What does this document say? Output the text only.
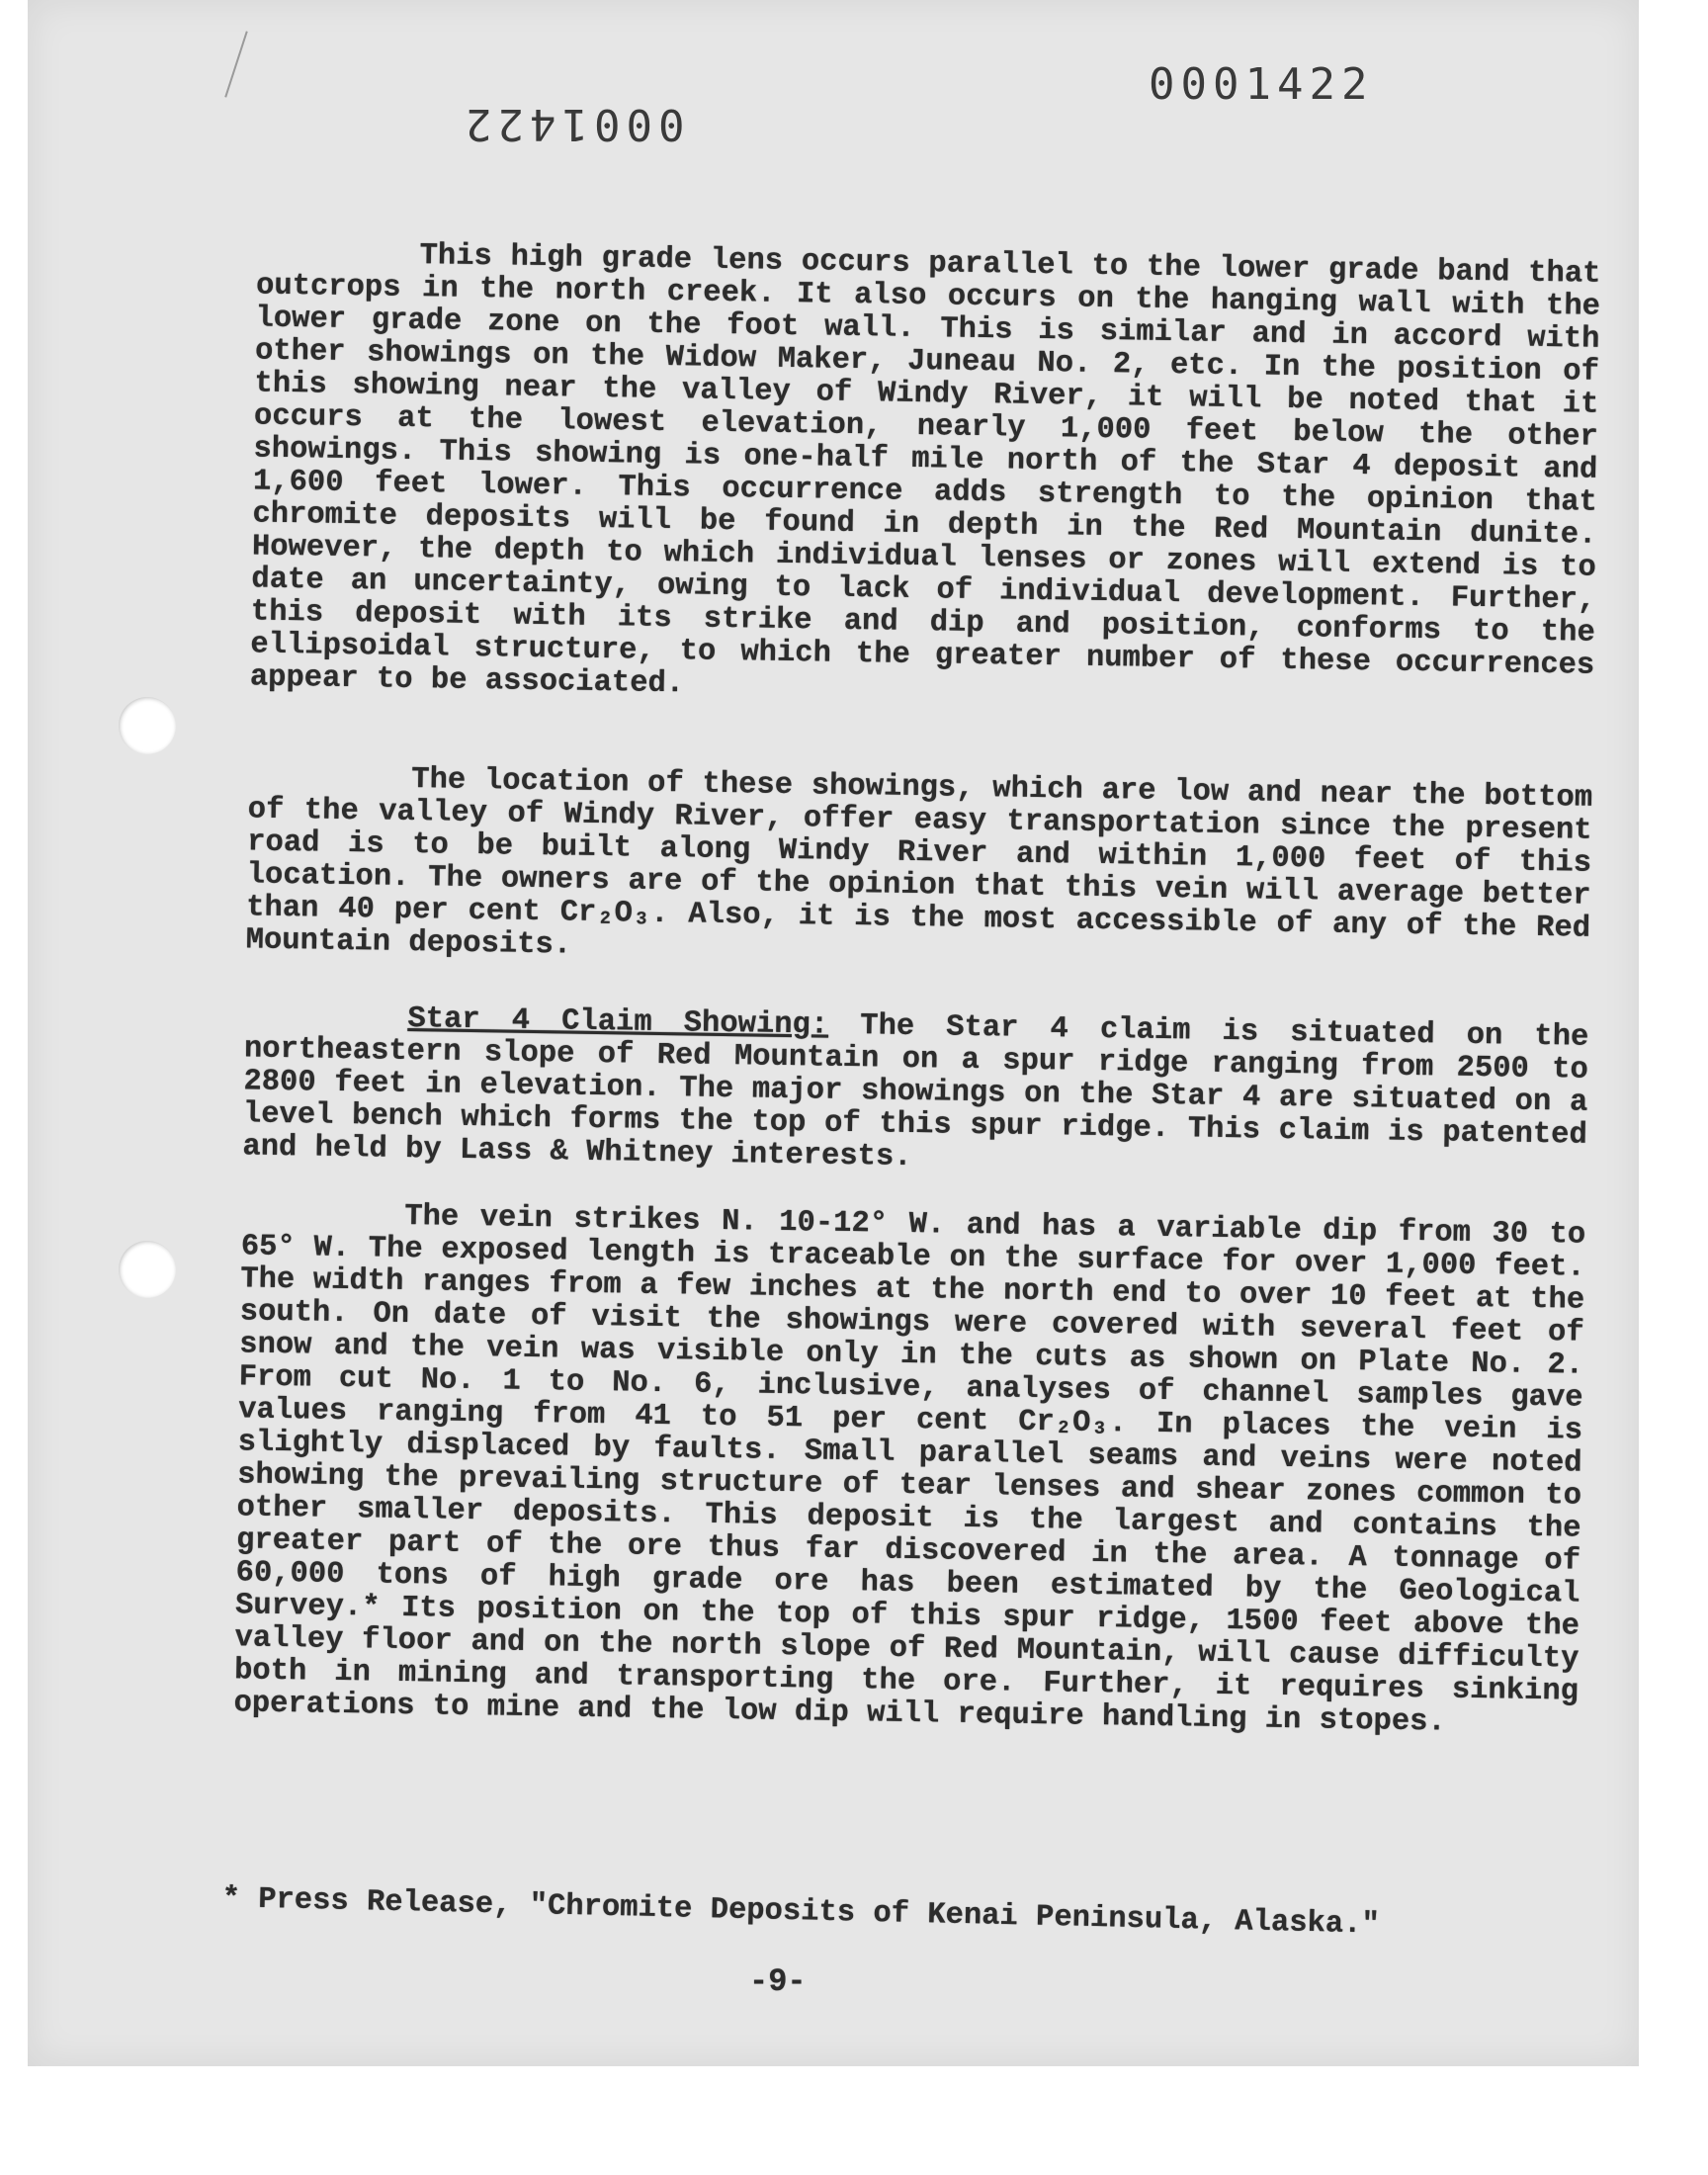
0001422
0001422

This high grade lens occurs parallel to the lower grade band that outcrops in the north creek. It also occurs on the hanging wall with the lower grade zone on the foot wall. This is similar and in accord with other showings on the Widow Maker, Juneau No. 2, etc. In the position of this showing near the valley of Windy River, it will be noted that it occurs at the lowest elevation, nearly 1,000 feet below the other showings. This showing is one-half mile north of the Star 4 deposit and 1,600 feet lower. This occurrence adds strength to the opinion that chromite deposits will be found in depth in the Red Mountain dunite. However, the depth to which individual lenses or zones will extend is to date an uncertainty, owing to lack of individual development. Further, this deposit with its strike and dip and position, conforms to the ellipsoidal structure, to which the greater number of these occurrences appear to be associated.

The location of these showings, which are low and near the bottom of the valley of Windy River, offer easy transportation since the present road is to be built along Windy River and within 1,000 feet of this location. The owners are of the opinion that this vein will average better than 40 per cent Cr₂O₃. Also, it is the most accessible of any of the Red Mountain deposits.

Star 4 Claim Showing: The Star 4 claim is situated on the northeastern slope of Red Mountain on a spur ridge ranging from 2500 to 2800 feet in elevation. The major showings on the Star 4 are situated on a level bench which forms the top of this spur ridge. This claim is patented and held by Lass & Whitney interests.

The vein strikes N. 10-12° W. and has a variable dip from 30 to 65° W. The exposed length is traceable on the surface for over 1,000 feet. The width ranges from a few inches at the north end to over 10 feet at the south. On date of visit the showings were covered with several feet of snow and the vein was visible only in the cuts as shown on Plate No. 2. From cut No. 1 to No. 6, inclusive, analyses of channel samples gave values ranging from 41 to 51 per cent Cr₂O₃. In places the vein is slightly displaced by faults. Small parallel seams and veins were noted showing the prevailing structure of tear lenses and shear zones common to other smaller deposits. This deposit is the largest and contains the greater part of the ore thus far discovered in the area. A tonnage of 60,000 tons of high grade ore has been estimated by the Geological Survey.* Its position on the top of this spur ridge, 1500 feet above the valley floor and on the north slope of Red Mountain, will cause difficulty both in mining and transporting the ore. Further, it requires sinking operations to mine and the low dip will require handling in stopes.

* Press Release, "Chromite Deposits of Kenai Peninsula, Alaska."
-9-
